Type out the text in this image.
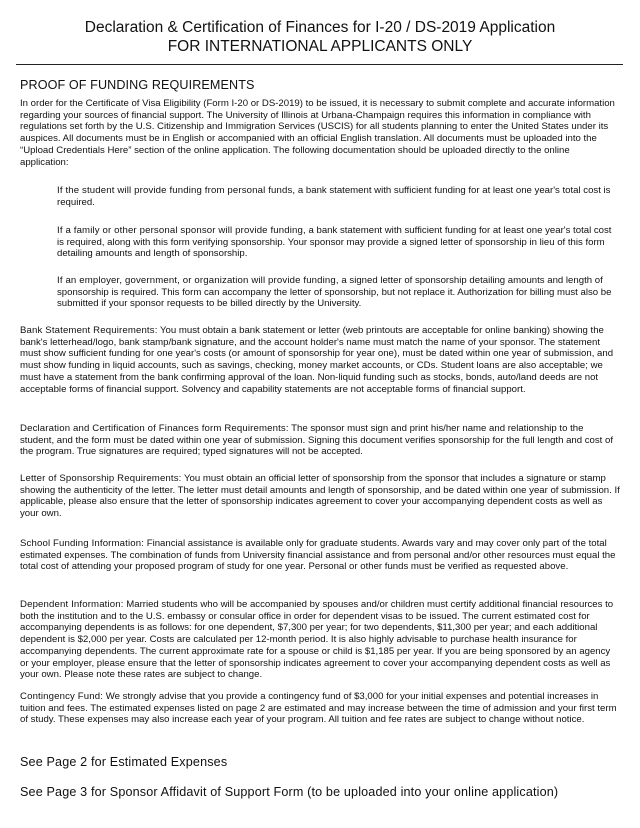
Declaration & Certification of Finances for I-20 / DS-2019 Application
FOR INTERNATIONAL APPLICANTS ONLY
PROOF OF FUNDING REQUIREMENTS

In order for the Certificate of Visa Eligibility (Form I-20 or DS-2019) to be issued, it is necessary to submit complete and accurate information regarding your sources of financial support. The University of Illinois at Urbana-Champaign requires this information in compliance with regulations set forth by the U.S. Citizenship and Immigration Services (USCIS) for all students planning to enter the United States under its auspices. All documents must be in English or accompanied with an official English translation. All documents must be uploaded into the “Upload Credentials Here” section of the online application. The following documentation should be uploaded directly to the online application:

If the student will provide funding from personal funds, a bank statement with sufficient funding for at least one year's total cost is required.

If a family or other personal sponsor will provide funding, a bank statement with sufficient funding for at least one year's total cost is required, along with this form verifying sponsorship. Your sponsor may provide a signed letter of sponsorship in lieu of this form detailing amounts and length of sponsorship.

If an employer, government, or organization will provide funding, a signed letter of sponsorship detailing amounts and length of sponsorship is required. This form can accompany the letter of sponsorship, but not replace it. Authorization for billing must also be submitted if your sponsor requests to be billed directly by the University.

Bank Statement Requirements: You must obtain a bank statement or letter (web printouts are acceptable for online banking) showing the bank's letterhead/logo, bank stamp/bank signature, and the account holder's name must match the name of your sponsor. The statement must show sufficient funding for one year's costs (or amount of sponsorship for year one), must be dated within one year of submission, and must show funding in liquid accounts, such as savings, checking, money market accounts, or CDs. Student loans are also acceptable; we must have a statement from the bank confirming approval of the loan. Non-liquid funding such as stocks, bonds, auto/land deeds are not acceptable forms of financial support. Solvency and capability statements are not acceptable forms of financial support.

Declaration and Certification of Finances form Requirements: The sponsor must sign and print his/her name and relationship to the student, and the form must be dated within one year of submission. Signing this document verifies sponsorship for the full length and cost of the program. True signatures are required; typed signatures will not be accepted.

Letter of Sponsorship Requirements: You must obtain an official letter of sponsorship from the sponsor that includes a signature or stamp showing the authenticity of the letter. The letter must detail amounts and length of sponsorship, and be dated within one year of submission. If applicable, please also ensure that the letter of sponsorship indicates agreement to cover your accompanying dependent costs as well as your own.

School Funding Information: Financial assistance is available only for graduate students. Awards vary and may cover only part of the total estimated expenses. The combination of funds from University financial assistance and from personal and/or other resources must equal the total cost of attending your proposed program of study for one year. Personal or other funds must be verified as requested above.

Dependent Information: Married students who will be accompanied by spouses and/or children must certify additional financial resources to both the institution and to the U.S. embassy or consular office in order for dependent visas to be issued. The current estimated cost for accompanying dependents is as follows: for one dependent, $7,300 per year; for two dependents, $11,300 per year; and each additional dependent is $2,000 per year. Costs are calculated per 12-month period. It is also highly advisable to purchase health insurance for accompanying dependents. The current approximate rate for a spouse or child is $1,185 per year. If you are being sponsored by an agency or your employer, please ensure that the letter of sponsorship indicates agreement to cover your accompanying dependent costs as well as your own. Please note these rates are subject to change.

Contingency Fund: We strongly advise that you provide a contingency fund of $3,000 for your initial expenses and potential increases in tuition and fees. The estimated expenses listed on page 2 are estimated and may increase between the time of admission and your first term of study. These expenses may also increase each year of your program. All tuition and fee rates are subject to change without notice.

See Page 2 for Estimated Expenses
See Page 3 for Sponsor Affidavit of Support Form (to be uploaded into your online application)
